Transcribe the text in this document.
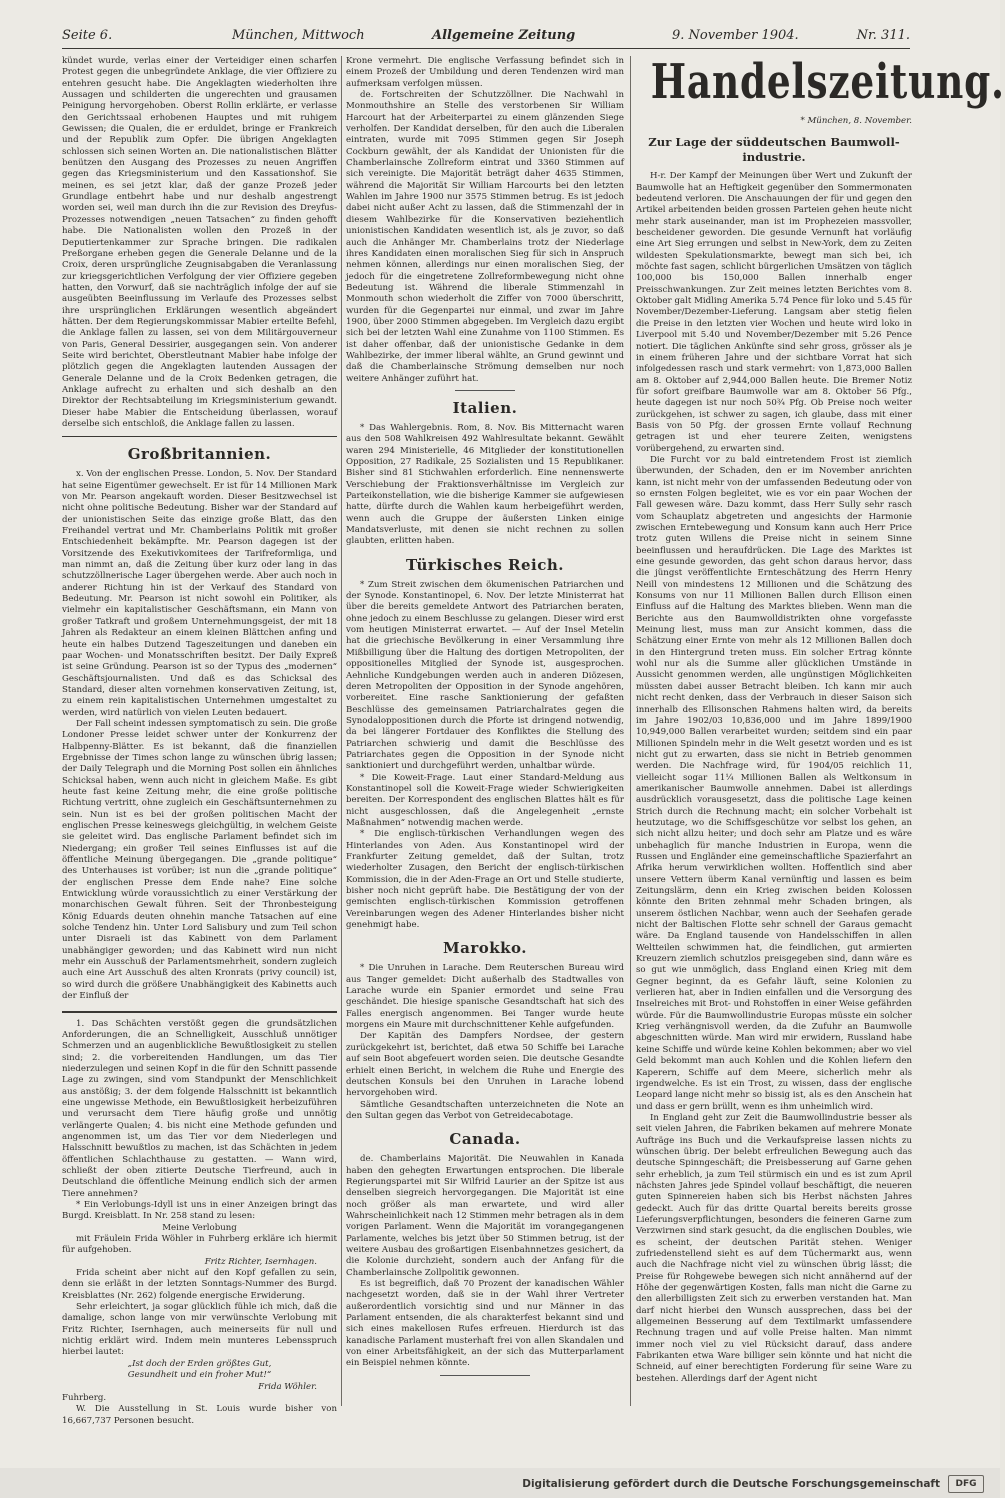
Seite 6.	München, Mittwoch	Allgemeine Zeitung	9. November 1904.	Nr. 311.

kündet wurde, verlas einer der Verteidiger einen scharfen Protest gegen die unbegründete Anklage, die vier Offiziere zu entehren gesucht habe. Die Angeklagten wiederholten ihre Aussagen und schilderten die ungerechten und grausamen Peinigung hervorgehoben. Oberst Rollin erklärte, er verlasse den Gerichtssaal erhobenen Hauptes und mit ruhigem Gewissen; die Qualen, die er erduldet, bringe er Frankreich und der Republik zum Opfer. Die übrigen Angeklagten schlossen sich seinen Worten an. Die nationalistischen Blätter benützen den Ausgang des Prozesses zu neuen Angriffen gegen das Kriegsministerium und den Kassationshof. Sie meinen, es sei jetzt klar, daß der ganze Prozeß jeder Grundlage entbehrt habe und nur deshalb angestrengt worden sei, weil man durch ihn die zur Revision des Dreyfus-Prozesses notwendigen „neuen Tatsachen“ zu finden gehofft habe. Die Nationalisten wollen den Prozeß in der Deputiertenkammer zur Sprache bringen. Die radikalen Preßorgane erheben gegen die Generale Delanne und de la Croix, deren ursprüngliche Zeugnisabgaben die Veranlassung zur kriegsgerichtlichen Verfolgung der vier Offiziere gegeben hatten, den Vorwurf, daß sie nachträglich infolge der auf sie ausgeübten Beeinflussung im Verlaufe des Prozesses selbst ihre ursprünglichen Erklärungen wesentlich abgeändert hätten. Der dem Regierungskommissar Mabier erteilte Befehl, die Anklage fallen zu lassen, sei von dem Militärgouverneur von Paris, General Dessirier, ausgegangen sein. Von anderer Seite wird berichtet, Oberstleutnant Mabier habe infolge der plötzlich gegen die Angeklagten lautenden Aussagen der Generale Delanne und de la Croix Bedenken getragen, die Anklage aufrecht zu erhalten und sich deshalb an den Direktor der Rechtsabteilung im Kriegsministerium gewandt. Dieser habe Mabier die Entscheidung überlassen, worauf derselbe sich entschloß, die Anklage fallen zu lassen.

Großbritannien.

x. Von der englischen Presse. London, 5. Nov. Der Standard hat seine Eigentümer gewechselt. Er ist für 14 Millionen Mark von Mr. Pearson angekauft worden. Dieser Besitzwechsel ist nicht ohne politische Bedeutung. Bisher war der Standard auf der unionistischen Seite das einzige große Blatt, das den Freihandel vertrat und Mr. Chamberlains Politik mit großer Entschiedenheit bekämpfte. Mr. Pearson dagegen ist der Vorsitzende des Exekutivkomitees der Tarifreformliga, und man nimmt an, daß die Zeitung über kurz oder lang in das schutzzöllnerische Lager übergehen werde. Aber auch noch in anderer Richtung hin ist der Verkauf des Standard von Bedeutung. Mr. Pearson ist nicht sowohl ein Politiker, als vielmehr ein kapitalistischer Geschäftsmann, ein Mann von großer Tatkraft und großem Unternehmungsgeist, der mit 18 Jahren als Redakteur an einem kleinen Blättchen anfing und heute ein halbes Dutzend Tageszeitungen und daneben ein paar Wochen- und Monatsschriften besitzt. Der Daily Expreß ist seine Gründung. Pearson ist so der Typus des „modernen“ Geschäftsjournalisten. Und daß es das Schicksal des Standard, dieser alten vornehmen konservativen Zeitung, ist, zu einem rein kapitalistischen Unternehmen umgestaltet zu werden, wird natürlich von vielen Leuten bedauert.

Der Fall scheint indessen symptomatisch zu sein. Die große Londoner Presse leidet schwer unter der Konkurrenz der Halbpenny-Blätter. Es ist bekannt, daß die finanziellen Ergebnisse der Times schon lange zu wünschen übrig lassen; der Daily Telegraph und die Morning Post sollen ein ähnliches Schicksal haben, wenn auch nicht in gleichem Maße. Es gibt heute fast keine Zeitung mehr, die eine große politische Richtung vertritt, ohne zugleich ein Geschäftsunternehmen zu sein. Nun ist es bei der großen politischen Macht der englischen Presse keineswegs gleichgültig, in welchem Geiste sie geleitet wird. Das englische Parlament befindet sich im Niedergang; ein großer Teil seines Einflusses ist auf die öffentliche Meinung übergegangen. Die „grande politique“ des Unterhauses ist vorüber; ist nun die „grande politique“ der englischen Presse dem Ende nahe? Eine solche Entwicklung würde voraussichtlich zu einer Verstärkung der monarchischen Gewalt führen. Seit der Thronbesteigung König Eduards deuten ohnehin manche Tatsachen auf eine solche Tendenz hin. Unter Lord Salisbury und zum Teil schon unter Disraeli ist das Kabinett von dem Parlament unabhängiger geworden; und das Kabinett wird nun nicht mehr ein Ausschuß der Parlamentsmehrheit, sondern zugleich auch eine Art Ausschuß des alten Kronrats (privy council) ist, so wird durch die größere Unabhängigkeit des Kabinetts auch der Einfluß der

1. Das Schächten verstößt gegen die grundsätzlichen Anforderungen, die an Schnelligkeit, Ausschluß unnötiger Schmerzen und an augenblickliche Bewußtlosigkeit zu stellen sind; 2. die vorbereitenden Handlungen, um das Tier niederzulegen und seinen Kopf in die für den Schnitt passende Lage zu zwingen, sind vom Standpunkt der Menschlichkeit aus anstößig; 3. der dem folgende Halsschnitt ist bekanntlich eine ungewisse Methode, ein Bewußtlosigkeit herbeizuführen und verursacht dem Tiere häufig große und unnötig verlängerte Qualen; 4. bis nicht eine Methode gefunden und angenommen ist, um das Tier vor dem Niederlegen und Halsschnitt bewußtlos zu machen, ist das Schächten in jedem öffentlichen Schlachthause zu gestatten. — Wann wird, schließt der oben zitierte Deutsche Tierfreund, auch in Deutschland die öffentliche Meinung endlich sich der armen Tiere annehmen?

* Ein Verlobungs-Idyll ist uns in einer Anzeigen bringt das Burgd. Kreisblatt. In Nr. 258 stand zu lesen:

Meine Verlobung

mit Fräulein Frida Wöhler in Fuhrberg erkläre ich hiermit für aufgehoben.

Fritz Richter, Isernhagen.

Frida scheint aber nicht auf den Kopf gefallen zu sein, denn sie erläßt in der letzten Sonntags-Nummer des Burgd. Kreisblattes (Nr. 262) folgende energische Erwiderung.

Sehr erleichtert, ja sogar glücklich fühle ich mich, daß die damalige, schon lange von mir verwünschte Verlobung mit Fritz Richter, Isernhagen, auch meinerseits für null und nichtig erklärt wird. Indem mein munteres Lebensspruch hierbei lautet:

„Ist doch der Erden größtes Gut,
Gesundheit und ein froher Mut!“
Frida Wöhler.

Fuhrberg.

W. Die Ausstellung in St. Louis wurde bisher von 16,667,737 Personen besucht.

Krone vermehrt. Die englische Verfassung befindet sich in einem Prozeß der Umbildung und deren Tendenzen wird man aufmerksam verfolgen müssen.

de. Fortschreiten der Schutzzöllner. Die Nachwahl in Monmouthshire an Stelle des verstorbenen Sir William Harcourt hat der Arbeiterpartei zu einem glänzenden Siege verholfen. Der Kandidat derselben, für den auch die Liberalen eintraten, wurde mit 7095 Stimmen gegen Sir Joseph Cockburn gewählt, der als Kandidat der Unionisten für die Chamberlainsche Zollreform eintrat und 3360 Stimmen auf sich vereinigte. Die Majorität beträgt daher 4635 Stimmen, während die Majorität Sir William Harcourts bei den letzten Wahlen im Jahre 1900 nur 3575 Stimmen betrug. Es ist jedoch dabei nicht außer Acht zu lassen, daß die Stimmenzahl der in diesem Wahlbezirke für die Konservativen beziehentlich unionistischen Kandidaten wesentlich ist, als je zuvor, so daß auch die Anhänger Mr. Chamberlains trotz der Niederlage ihres Kandidaten einen moralischen Sieg für sich in Anspruch nehmen können, allerdings nur einen moralischen Sieg, der jedoch für die eingetretene Zollreformbewegung nicht ohne Bedeutung ist. Während die liberale Stimmenzahl in Monmouth schon wiederholt die Ziffer von 7000 überschritt, wurden für die Gegenpartei nur einmal, und zwar im Jahre 1900, über 2000 Stimmen abgegeben. Im Vergleich dazu ergibt sich bei der letzten Wahl eine Zunahme von 1100 Stimmen. Es ist daher offenbar, daß der unionistische Gedanke in dem Wahlbezirke, der immer liberal wählte, an Grund gewinnt und daß die Chamberlainsche Strömung demselben nur noch weitere Anhänger zuführt hat.

Italien.

* Das Wahlergebnis. Rom, 8. Nov. Bis Mitternacht waren aus den 508 Wahlkreisen 492 Wahlresultate bekannt. Gewählt waren 294 Ministerielle, 46 Mitglieder der konstitutionellen Opposition, 27 Radikale, 25 Sozialisten und 15 Republikaner. Bisher sind 81 Stichwahlen erforderlich. Eine nennenswerte Verschiebung der Fraktionsverhältnisse im Vergleich zur Parteikonstellation, wie die bisherige Kammer sie aufgewiesen hatte, dürfte durch die Wahlen kaum herbeigeführt werden, wenn auch die Gruppe der äußersten Linken einige Mandatsverluste, mit denen sie nicht rechnen zu sollen glaubten, erlitten haben.

Türkisches Reich.

* Zum Streit zwischen dem ökumenischen Patriarchen und der Synode. Konstantinopel, 6. Nov. Der letzte Ministerrat hat über die bereits gemeldete Antwort des Patriarchen beraten, ohne jedoch zu einem Beschlusse zu gelangen. Dieser wird erst vom heutigen Ministerrat erwartet. — Auf der Insel Metelin hat die griechische Bevölkerung in einer Versammlung ihre Mißbilligung über die Haltung des dortigen Metropoliten, der oppositionelles Mitglied der Synode ist, ausgesprochen. Aehnliche Kundgebungen werden auch in anderen Diözesen, deren Metropoliten der Opposition in der Synode angehören, vorbereitet. Eine rasche Sanktionierung der gefaßten Beschlüsse des gemeinsamen Patriarchalrates gegen die Synodaloppositionen durch die Pforte ist dringend notwendig, da bei längerer Fortdauer des Konfliktes die Stellung des Patriarchen schwierig und damit die Beschlüsse des Patriarchates gegen die Opposition in der Synode nicht sanktioniert und durchgeführt werden, unhaltbar würde.

* Die Koweit-Frage. Laut einer Standard-Meldung aus Konstantinopel soll die Koweit-Frage wieder Schwierigkeiten bereiten. Der Korrespondent des englischen Blattes hält es für nicht ausgeschlossen, daß die Angelegenheit „ernste Maßnahmen“ notwendig machen werde.

* Die englisch-türkischen Verhandlungen wegen des Hinterlandes von Aden. Aus Konstantinopel wird der Frankfurter Zeitung gemeldet, daß der Sultan, trotz wiederholter Zusagen, den Bericht der englisch-türkischen Kommission, die in der Aden-Frage an Ort und Stelle studierte, bisher noch nicht geprüft habe. Die Bestätigung der von der gemischten englisch-türkischen Kommission getroffenen Vereinbarungen wegen des Adener Hinterlandes bisher nicht genehmigt habe.

Marokko.

* Die Unruhen in Larache. Dem Reuterschen Bureau wird aus Tanger gemeldet: Dicht außerhalb des Stadtwalles von Larache wurde ein Spanier ermordet und seine Frau geschändet. Die hiesige spanische Gesandtschaft hat sich des Falles energisch angenommen. Bei Tanger wurde heute morgens ein Maure mit durchschnittener Kehle aufgefunden.

Der Kapitän des Dampfers Nordsee, der gestern zurückgekehrt ist, berichtet, daß etwa 50 Schiffe bei Larache auf sein Boot abgefeuert worden seien. Die deutsche Gesandte erhielt einen Bericht, in welchem die Ruhe und Energie des deutschen Konsuls bei den Unruhen in Larache lobend hervorgehoben wird.

Sämtliche Gesandtschaften unterzeichneten die Note an den Sultan gegen das Verbot von Getreidecabotage.

Canada.

de. Chamberlains Majorität. Die Neuwahlen in Kanada haben den gehegten Erwartungen entsprochen. Die liberale Regierungspartei mit Sir Wilfrid Laurier an der Spitze ist aus denselben siegreich hervorgegangen. Die Majorität ist eine noch größer als man erwartete, und wird aller Wahrscheinlichkeit nach 12 Stimmen mehr betragen als in dem vorigen Parlament. Wenn die Majorität im vorangegangenen Parlamente, welches bis jetzt über 50 Stimmen betrug, ist der weitere Ausbau des großartigen Eisenbahnnetzes gesichert, da die Kolonie durchzieht, sondern auch der Anfang für die Chamberlainsche Zollpolitik gewonnen.

Es ist begreiflich, daß 70 Prozent der kanadischen Wähler nachgesetzt worden, daß sie in der Wahl ihrer Vertreter außerordentlich vorsichtig sind und nur Männer in das Parlament entsenden, die als charakterfest bekannt sind und sich eines makellosen Rufes erfreuen. Hierdurch ist das kanadische Parlament musterhaft frei von allen Skandalen und von einer Arbeitsfähigkeit, an der sich das Mutterparlament ein Beispiel nehmen könnte.

Handelszeitung.
* München, 8. November.
Zur Lage der süddeutschen Baumwoll-industrie.

H-r. Der Kampf der Meinungen über Wert und Zukunft der Baumwolle hat an Heftigkeit gegenüber den Sommermonaten bedeutend verloren. Die Anschauungen der für und gegen den Artikel arbeitenden beiden grossen Parteien gehen heute nicht mehr stark auseinander, man ist im Prophezeien massvoller, bescheidener geworden. Die gesunde Vernunft hat vorläufig eine Art Sieg errungen und selbst in New-York, dem zu Zeiten wildesten Spekulationsmarkte, bewegt man sich bei, ich möchte fast sagen, schlicht bürgerlichen Umsätzen von täglich 100,000 bis 150,000 Ballen innerhalb enger Preisschwankungen. Zur Zeit meines letzten Berichtes vom 8. Oktober galt Midling Amerika 5.74 Pence für loko und 5.45 für November/Dezember-Lieferung. Langsam aber stetig fielen die Preise in den letzten vier Wochen und heute wird loko in Liverpool mit 5.40 und November/Dezember mit 5.26 Pence notiert. Die täglichen Ankünfte sind sehr gross, grösser als je in einem früheren Jahre und der sichtbare Vorrat hat sich infolgedessen rasch und stark vermehrt: von 1,873,000 Ballen am 8. Oktober auf 2,944,000 Ballen heute. Die Bremer Notiz für sofort greifbare Baumwolle war am 8. Oktober 56 Pfg., heute dagegen ist nur noch 50¾ Pfg. Ob Preise noch weiter zurückgehen, ist schwer zu sagen, ich glaube, dass mit einer Basis von 50 Pfg. der grossen Ernte vollauf Rechnung getragen ist und eher teurere Zeiten, wenigstens vorübergehend, zu erwarten sind.

Die Furcht vor zu bald eintretendem Frost ist ziemlich überwunden, der Schaden, den er im November anrichten kann, ist nicht mehr von der umfassenden Bedeutung oder von so ernsten Folgen begleitet, wie es vor ein paar Wochen der Fall gewesen wäre. Dazu kommt, dass Herr Sully sehr rasch vom Schauplatz abgetreten und angesichts der Harmonie zwischen Erntebewegung und Konsum kann auch Herr Price trotz guten Willens die Preise nicht in seinem Sinne beeinflussen und heraufdrücken. Die Lage des Marktes ist eine gesunde geworden, das geht schon daraus hervor, dass die jüngst veröffentlichte Ernteschätzung des Herrn Henry Neill von mindestens 12 Millionen und die Schätzung des Konsums von nur 11 Millionen Ballen durch Ellison einen Einfluss auf die Haltung des Marktes blieben. Wenn man die Berichte aus den Baumwolldistrikten ohne vorgefasste Meinung liest, muss man zur Ansicht kommen, dass die Schätzung einer Ernte von mehr als 12 Millionen Ballen doch in den Hintergrund treten muss. Ein solcher Ertrag könnte wohl nur als die Summe aller glücklichen Umstände in Aussicht genommen werden, alle ungünstigen Möglichkeiten müssten dabei ausser Betracht bleiben. Ich kann mir auch nicht recht denken, dass der Verbrauch in dieser Saison sich innerhalb des Ellisonschen Rahmens halten wird, da bereits im Jahre 1902/03 10,836,000 und im Jahre 1899/1900 10,949,000 Ballen verarbeitet wurden; seitdem sind ein paar Millionen Spindeln mehr in die Welt gesetzt worden und es ist nicht gut zu erwarten, dass sie nicht in Betrieb genommen werden. Die Nachfrage wird, für 1904/05 reichlich 11, vielleicht sogar 11¼ Millionen Ballen als Weltkonsum in amerikanischer Baumwolle annehmen. Dabei ist allerdings ausdrücklich vorausgesetzt, dass die politische Lage keinen Strich durch die Rechnung macht; ein solcher Vorbehalt ist heutzutage, wo die Schiffsgeschütze vor selbst los gehen, an sich nicht allzu heiter; und doch sehr am Platze und es wäre unbehaglich für manche Industrien in Europa, wenn die Russen und Engländer eine gemeinschaftliche Spazierfahrt an Afrika herum verwirklichen wollten. Hoffentlich sind aber unsere Vettern überm Kanal vernünftig und lassen es beim Zeitungslärm, denn ein Krieg zwischen beiden Kolossen könnte den Briten zehnmal mehr Schaden bringen, als unserem östlichen Nachbar, wenn auch der Seehafen gerade nicht der Baltischen Flotte sehr schnell der Garaus gemacht wäre. Da England tausende von Handelsschiffen in allen Weltteilen schwimmen hat, die feindlichen, gut armierten Kreuzern ziemlich schutzlos preisgegeben sind, dann wäre es so gut wie unmöglich, dass England einen Krieg mit dem Gegner beginnt, da es Gefahr läuft, seine Kolonien zu verlieren hat, aber in Indien einfallen und die Versorgung des Inselreiches mit Brot- und Rohstoffen in einer Weise gefährden würde. Für die Baumwollindustrie Europas müsste ein solcher Krieg verhängnisvoll werden, da die Zufuhr an Baumwolle abgeschnitten würde. Man wird mir erwidern, Russland habe keine Schiffe und würde keine Kohlen bekommen; aber wo viel Geld bekommt man auch Kohlen und die Kohlen liefern den Kaperern, Schiffe auf dem Meere, sicherlich mehr als irgendwelche. Es ist ein Trost, zu wissen, dass der englische Leopard lange nicht mehr so bissig ist, als es den Anschein hat und dass er gern brüllt, wenn es ihm unheimlich wird.

In England geht zur Zeit die Baumwollindustrie besser als seit vielen Jahren, die Fabriken bekamen auf mehrere Monate Aufträge ins Buch und die Verkaufspreise lassen nichts zu wünschen übrig. Der belebt erfreulichen Bewegung auch das deutsche Spinngeschäft; die Preisbesserung auf Garne gehen sehr erheblich, ja zum Teil stürmisch ein und es ist zum April nächsten Jahres jede Spindel vollauf beschäftigt, die neueren guten Spinnereien haben sich bis Herbst nächsten Jahres gedeckt. Auch für das dritte Quartal bereits bereits grosse Lieferungsverpflichtungen, besonders die feineren Garne zum Verzwirnen sind stark gesucht, da die englischen Doubles, wie es scheint, der deutschen Parität stehen. Weniger zufriedenstellend sieht es auf dem Tüchermarkt aus, wenn auch die Nachfrage nicht viel zu wünschen übrig lässt; die Preise für Rohgewebe bewegen sich nicht annähernd auf der Höhe der gegenwärtigen Kosten, falls man nicht die Garne zu den allerbilligsten Zeit sich zu erwerben verstanden hat. Man darf nicht hierbei den Wunsch aussprechen, dass bei der allgemeinen Besserung auf dem Textilmarkt umfassendere Rechnung tragen und auf volle Preise halten. Man nimmt immer noch viel zu viel Rücksicht darauf, dass andere Fabrikanten etwa Ware billiger sein könnte und hat nicht die Schneid, auf einer berechtigten Forderung für seine Ware zu bestehen. Allerdings darf der Agent nicht

Digitalisierung gefördert durch die Deutsche Forschungsgemeinschaft	DFG
